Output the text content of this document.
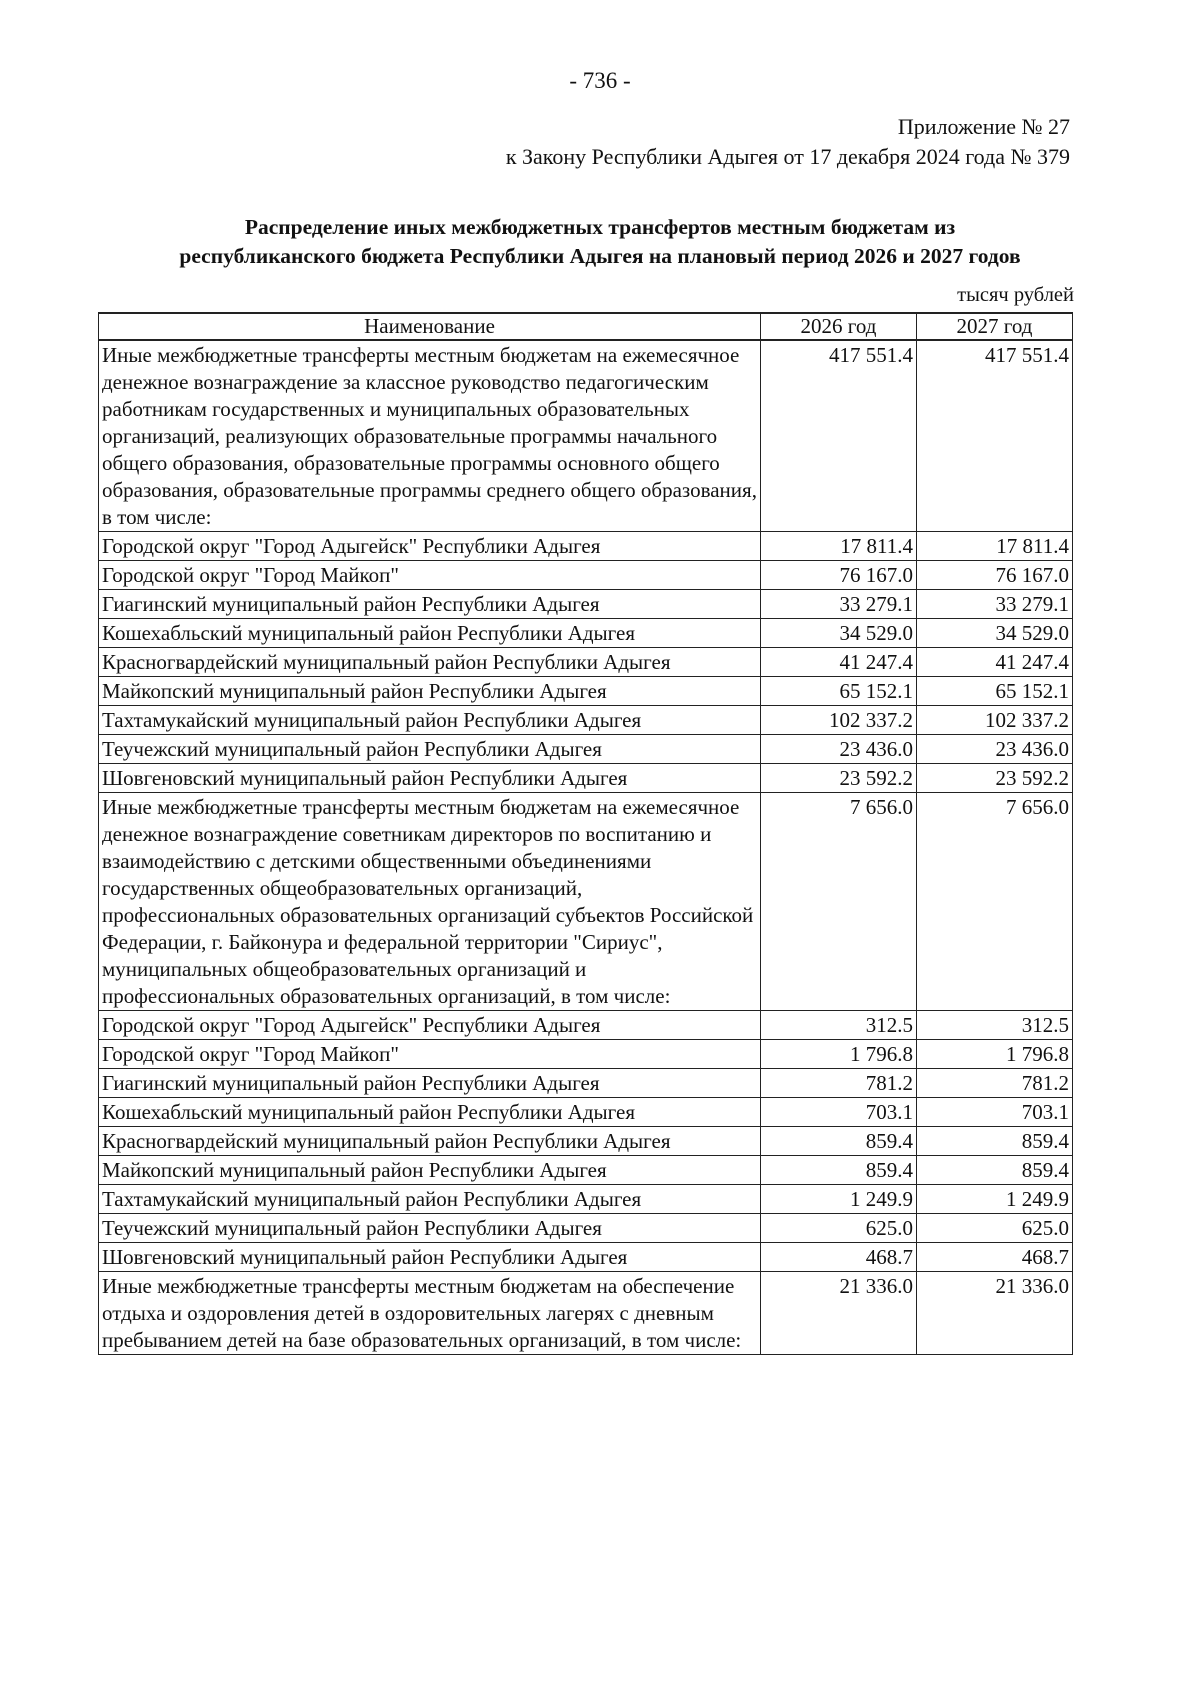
- 736 -
Приложение № 27
к Закону Республики Адыгея от 17 декабря 2024 года № 379
Распределение иных межбюджетных трансфертов местным бюджетам из
республиканского бюджета Республики Адыгея на плановый период 2026 и 2027 годов
тысяч рублей
Наименование	2026 год	2027 год
Иные межбюджетные трансферты местным бюджетам на ежемесячное денежное вознаграждение за классное руководство педагогическим работникам государственных и муниципальных образовательных организаций, реализующих образовательные программы начального общего образования, образовательные программы основного общего образования, образовательные программы среднего общего образования, в том числе:	417 551.4	417 551.4
Городской округ "Город Адыгейск" Республики Адыгея	17 811.4	17 811.4
Городской округ "Город Майкоп"	76 167.0	76 167.0
Гиагинский муниципальный район Республики Адыгея	33 279.1	33 279.1
Кошехабльский муниципальный район Республики Адыгея	34 529.0	34 529.0
Красногвардейский муниципальный район Республики Адыгея	41 247.4	41 247.4
Майкопский муниципальный район Республики Адыгея	65 152.1	65 152.1
Тахтамукайский муниципальный район Республики Адыгея	102 337.2	102 337.2
Теучежский муниципальный район Республики Адыгея	23 436.0	23 436.0
Шовгеновский муниципальный район Республики Адыгея	23 592.2	23 592.2
Иные межбюджетные трансферты местным бюджетам на ежемесячное денежное вознаграждение советникам директоров по воспитанию и взаимодействию с детскими общественными объединениями государственных общеобразовательных организаций, профессиональных образовательных организаций субъектов Российской Федерации, г. Байконура и федеральной территории "Сириус", муниципальных общеобразовательных организаций и профессиональных образовательных организаций, в том числе:	7 656.0	7 656.0
Городской округ "Город Адыгейск" Республики Адыгея	312.5	312.5
Городской округ "Город Майкоп"	1 796.8	1 796.8
Гиагинский муниципальный район Республики Адыгея	781.2	781.2
Кошехабльский муниципальный район Республики Адыгея	703.1	703.1
Красногвардейский муниципальный район Республики Адыгея	859.4	859.4
Майкопский муниципальный район Республики Адыгея	859.4	859.4
Тахтамукайский муниципальный район Республики Адыгея	1 249.9	1 249.9
Теучежский муниципальный район Республики Адыгея	625.0	625.0
Шовгеновский муниципальный район Республики Адыгея	468.7	468.7
Иные межбюджетные трансферты местным бюджетам на обеспечение отдыха и оздоровления детей в оздоровительных лагерях с дневным пребыванием детей на базе образовательных организаций, в том числе:	21 336.0	21 336.0
